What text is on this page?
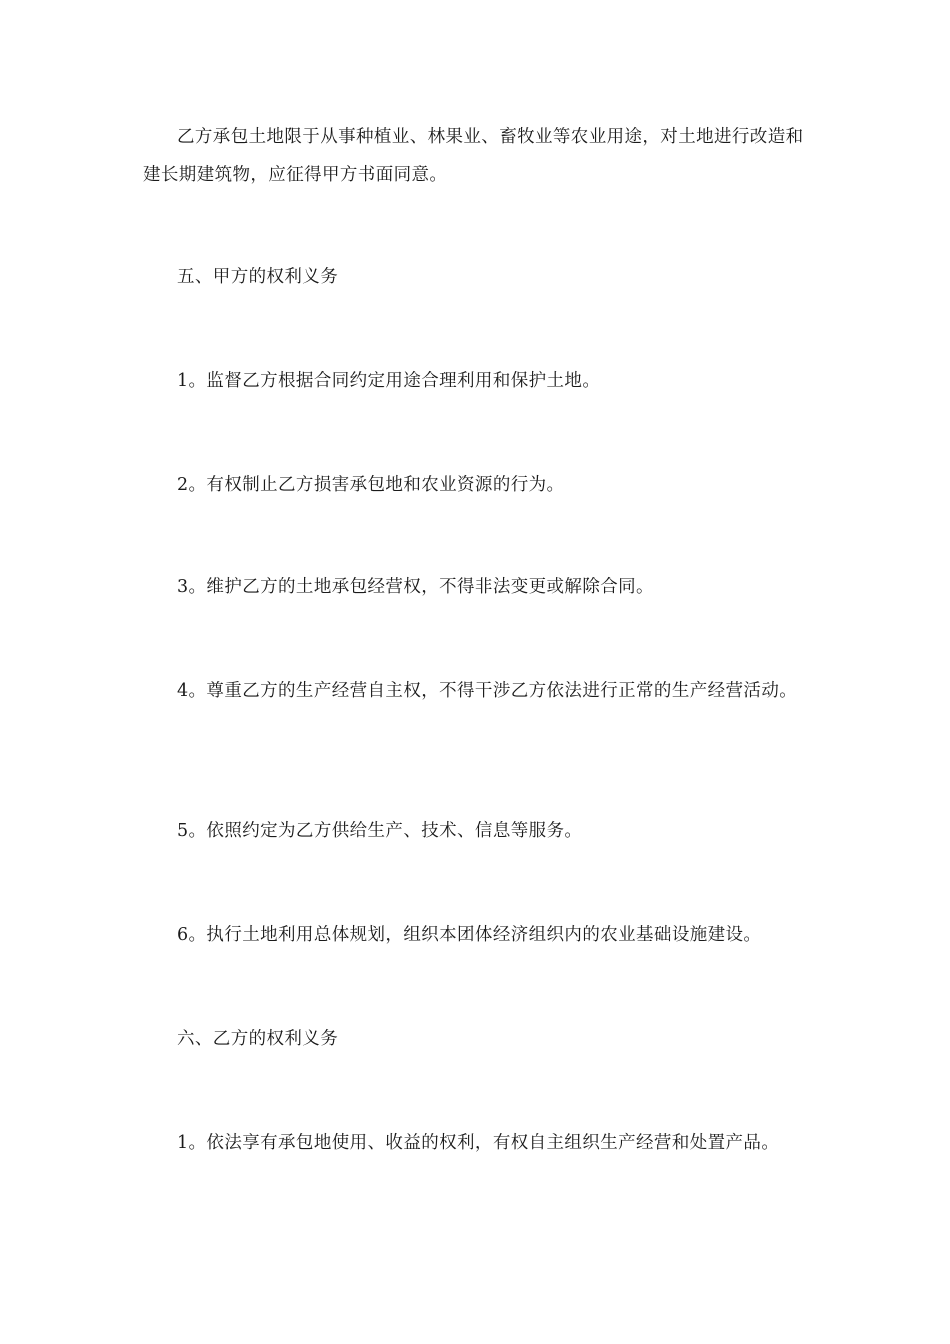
乙方承包土地限于从事种植业、林果业、畜牧业等农业用途，对土地进行改造和建长期建筑物，应征得甲方书面同意。

五、甲方的权利义务

1。监督乙方根据合同约定用途合理利用和保护土地。

2。有权制止乙方损害承包地和农业资源的行为。

3。维护乙方的土地承包经营权，不得非法变更或解除合同。

4。尊重乙方的生产经营自主权，不得干涉乙方依法进行正常的生产经营活动。

5。依照约定为乙方供给生产、技术、信息等服务。

6。执行土地利用总体规划，组织本团体经济组织内的农业基础设施建设。

六、乙方的权利义务

1。依法享有承包地使用、收益的权利，有权自主组织生产经营和处置产品。
